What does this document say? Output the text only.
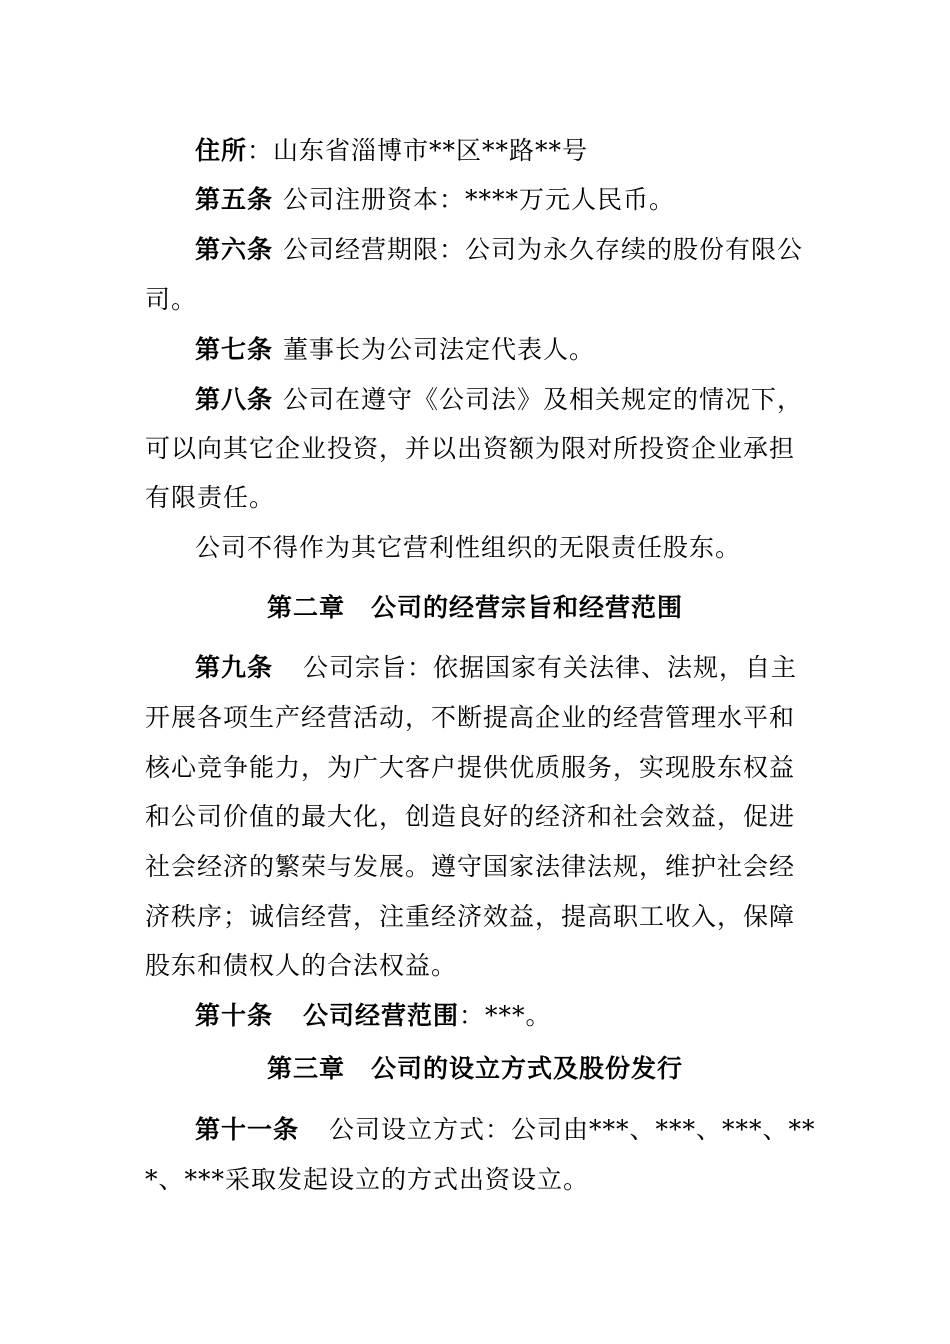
住所：山东省淄博市**区**路**号
第五条 公司注册资本：****万元人民币。
第六条 公司经营期限：公司为永久存续的股份有限公
司。
第七条 董事长为公司法定代表人。
第八条 公司在遵守《公司法》及相关规定的情况下，
可以向其它企业投资，并以出资额为限对所投资企业承担
有限责任。
公司不得作为其它营利性组织的无限责任股东。
第二章　公司的经营宗旨和经营范围
第九条 公司宗旨：依据国家有关法律、法规，自主
开展各项生产经营活动，不断提高企业的经营管理水平和
核心竞争能力，为广大客户提供优质服务，实现股东权益
和公司价值的最大化，创造良好的经济和社会效益，促进
社会经济的繁荣与发展。遵守国家法律法规，维护社会经
济秩序；诚信经营，注重经济效益，提高职工收入，保障
股东和债权人的合法权益。
第十条 公司经营范围：***。
第三章　公司的设立方式及股份发行
第十一条 公司设立方式：公司由***、***、***、**
*、***采取发起设立的方式出资设立。
